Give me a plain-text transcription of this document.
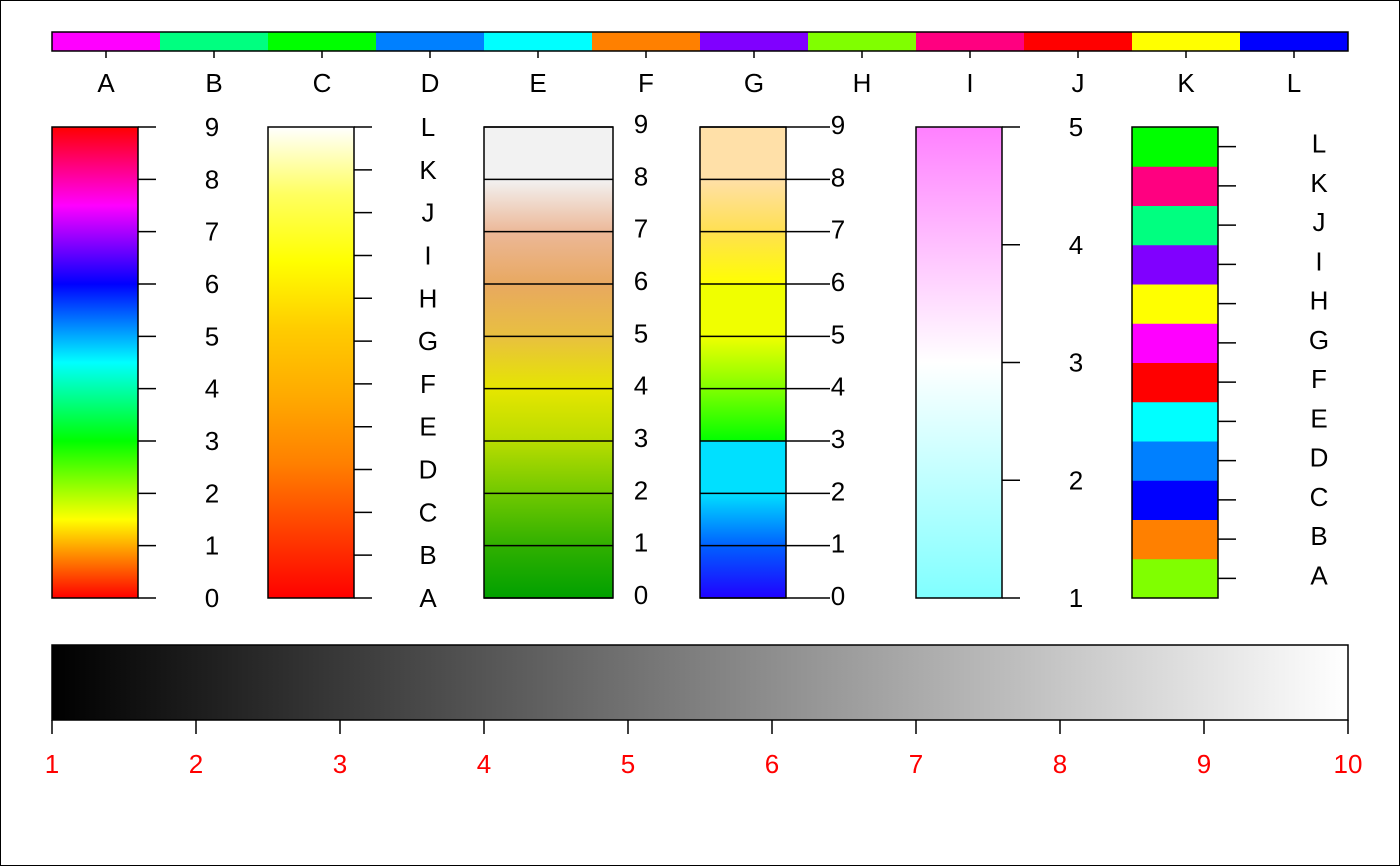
A	B	C	D	E	F	G	H	I	J	K	L
0
1
2
3
4
5
6
7
8
9
A
B
C
D
E
F
G
H
I
J
K
L
0
1
2
3
4
5
6
7
8
9
0
1
2
3
4
5
6
7
8
9
1
2
3
4
5
A
B
C
D
E
F
G
H
I
J
K
L
1	2	3	4	5	6	7	8	9	10
